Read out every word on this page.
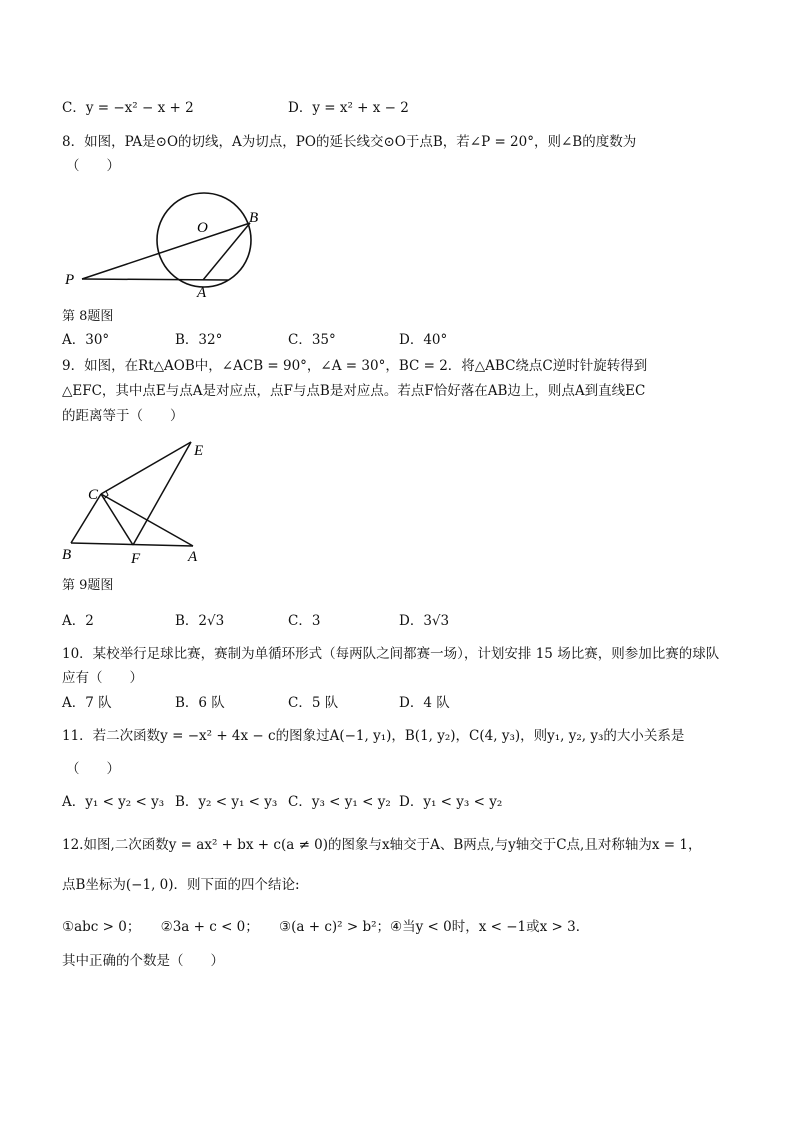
C．y = −x² − x + 2	D．y = x² + x − 2
8．如图，PA是⊙O的切线，A为切点，PO的延长线交⊙O于点B，若∠P = 20°，则∠B的度数为
（　　）
O
B
P
A
第 8题图
A．30°	B．32°	C．35°	D．40°
9．如图，在Rt△AOB中，∠ACB = 90°，∠A = 30°，BC = 2．将△ABC绕点C逆时针旋转得到
△EFC，其中点E与点A是对应点，点F与点B是对应点。若点F恰好落在AB边上，则点A到直线EC
的距离等于（　　）
E
C
B	F	A
第 9题图
A．2	B．2√3	C．3	D．3√3
10．某校举行足球比赛，赛制为单循环形式（每两队之间都赛一场），计划安排 15 场比赛，则参加比赛的球队
应有（　　）
A．7 队	B．6 队	C．5 队	D．4 队
11．若二次函数y = −x² + 4x − c的图象过A(−1, y₁)，B(1, y₂)，C(4, y₃)，则y₁, y₂, y₃的大小关系是
（　　）
A．y₁ < y₂ < y₃ B．y₂ < y₁ < y₃ C．y₃ < y₁ < y₂ D．y₁ < y₃ < y₂
12.如图,二次函数y = ax² + bx + c(a ≠ 0)的图象与x轴交于A、B两点,与y轴交于C点,且对称轴为x = 1，
点B坐标为(−1, 0)．则下面的四个结论:
①abc > 0；　　②3a + c < 0；　　③(a + c)² > b²；④当y < 0时，x < −1或x > 3．
其中正确的个数是（　　）
